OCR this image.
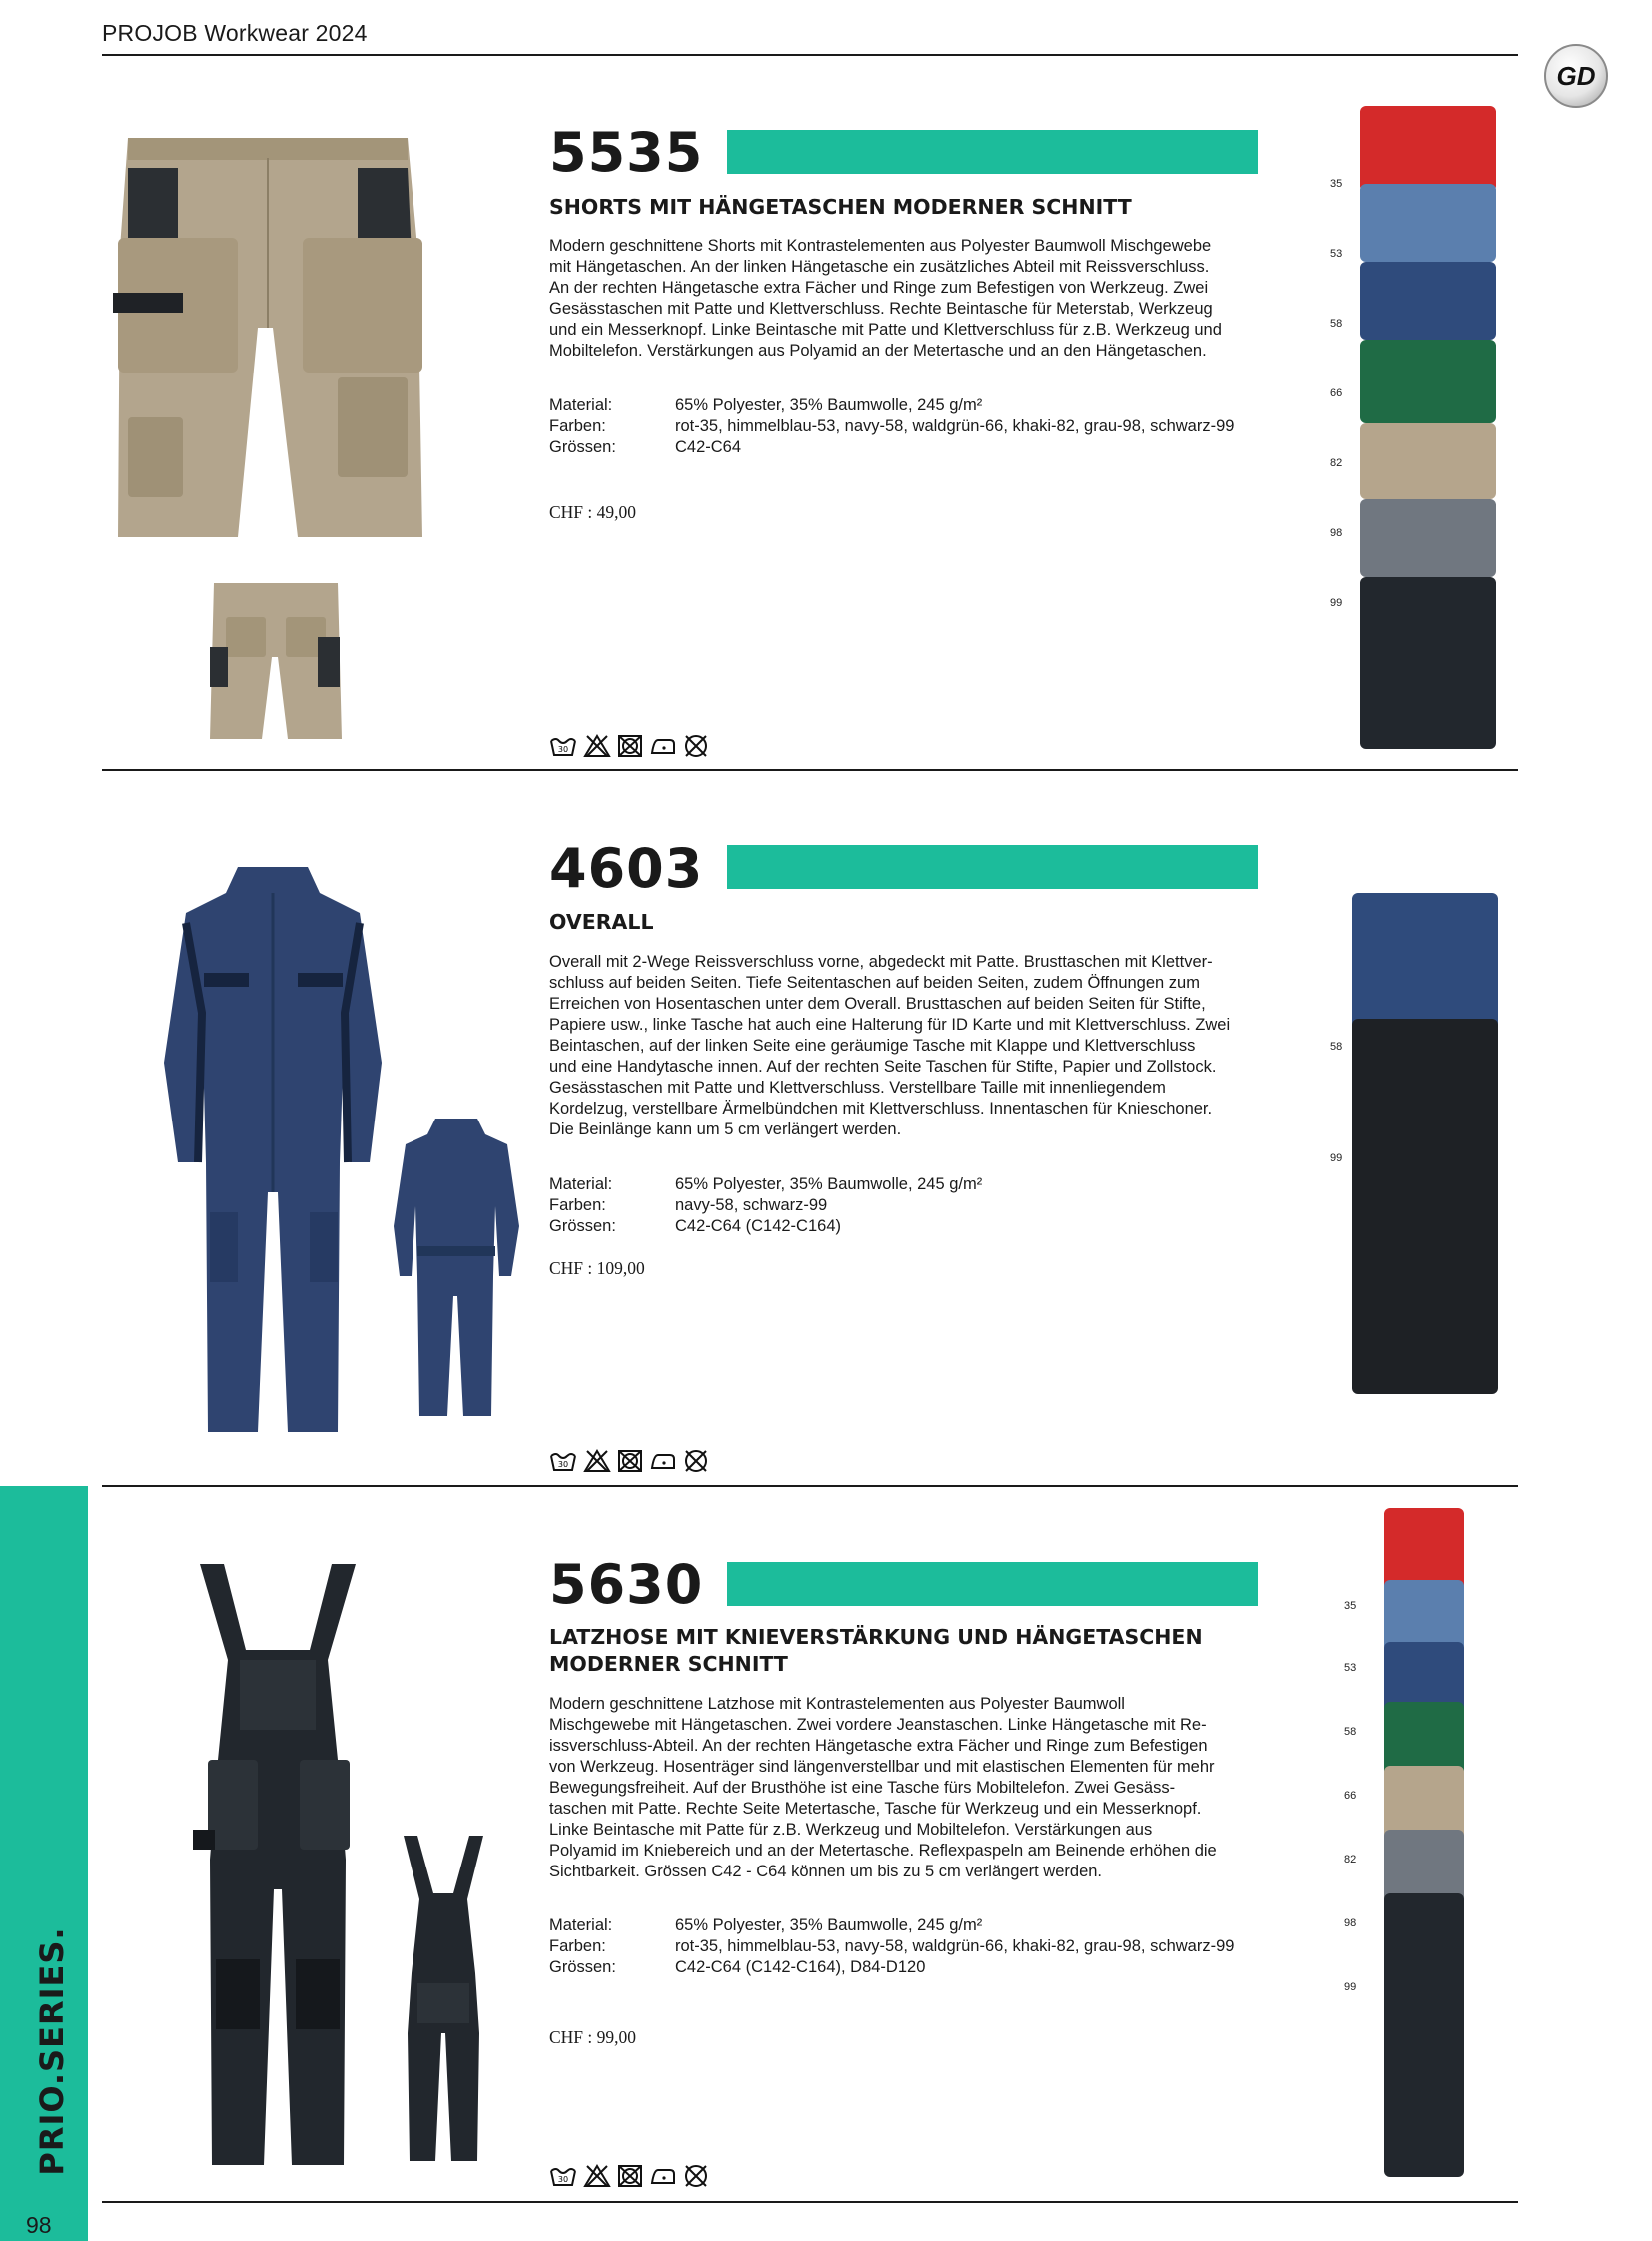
PROJOB Workwear 2024
GD
PRIO.SERIES.
98
5535
SHORTS MIT HÄNGETASCHEN MODERNER SCHNITT
Modern geschnittene Shorts mit Kontrastelementen aus Polyester Baumwoll Mischgewebe
mit Hängetaschen. An der linken Hängetasche ein zusätzliches Abteil mit Reissverschluss.
An der rechten Hängetasche extra Fächer und Ringe zum Befestigen von Werkzeug. Zwei
Gesässtaschen mit Patte und Klettverschluss. Rechte Beintasche für Meterstab, Werkzeug
und ein Messerknopf. Linke Beintasche mit Patte und Klettverschluss für z.B. Werkzeug und
Mobiltelefon. Verstärkungen aus Polyamid an der Metertasche und an den Hängetaschen.
Material:	65% Polyester, 35% Baumwolle, 245 g/m²
Farben:	rot-35, himmelblau-53, navy-58, waldgrün-66, khaki-82, grau-98, schwarz-99
Grössen:	C42-C64
CHF : 49,00
30
35
53
58
66
82
98
99
4603
OVERALL
Overall mit 2-Wege Reissverschluss vorne, abgedeckt mit Patte. Brusttaschen mit Klettver-
schluss auf beiden Seiten. Tiefe Seitentaschen auf beiden Seiten, zudem Öffnungen zum
Erreichen von Hosentaschen unter dem Overall. Brusttaschen auf beiden Seiten für Stifte,
Papiere usw., linke Tasche hat auch eine Halterung für ID Karte und mit Klettverschluss. Zwei
Beintaschen, auf der linken Seite eine geräumige Tasche mit Klappe und Klettverschluss
und eine Handytasche innen. Auf der rechten Seite Taschen für Stifte, Papier und Zollstock.
Gesässtaschen mit Patte und Klettverschluss. Verstellbare Taille mit innenliegendem
Kordelzug, verstellbare Ärmelbündchen mit Klettverschluss. Innentaschen für Knieschoner.
Die Beinlänge kann um 5 cm verlängert werden.
Material:	65% Polyester, 35% Baumwolle, 245 g/m²
Farben:	navy-58, schwarz-99
Grössen:	C42-C64 (C142-C164)
CHF : 109,00
30
58
99
5630
LATZHOSE MIT KNIEVERSTÄRKUNG UND HÄNGETASCHEN
MODERNER SCHNITT
Modern geschnittene Latzhose mit Kontrastelementen aus Polyester Baumwoll
Mischgewebe mit Hängetaschen. Zwei vordere Jeanstaschen. Linke Hängetasche mit Re-
issverschluss-Abteil. An der rechten Hängetasche extra Fächer und Ringe zum Befestigen
von Werkzeug. Hosenträger sind längenverstellbar und mit elastischen Elementen für mehr
Bewegungsfreiheit. Auf der Brusthöhe ist eine Tasche fürs Mobiltelefon. Zwei Gesäss-
taschen mit Patte. Rechte Seite Metertasche, Tasche für Werkzeug und ein Messerknopf.
Linke Beintasche mit Patte für z.B. Werkzeug und Mobiltelefon. Verstärkungen aus
Polyamid im Kniebereich und an der Metertasche. Reflexpaspeln am Beinende erhöhen die
Sichtbarkeit. Grössen C42 - C64 können um bis zu 5 cm verlängert werden.
Material:	65% Polyester, 35% Baumwolle, 245 g/m²
Farben:	rot-35, himmelblau-53, navy-58, waldgrün-66, khaki-82, grau-98, schwarz-99
Grössen:	C42-C64 (C142-C164), D84-D120
CHF : 99,00
30
35
53
58
66
82
98
99
